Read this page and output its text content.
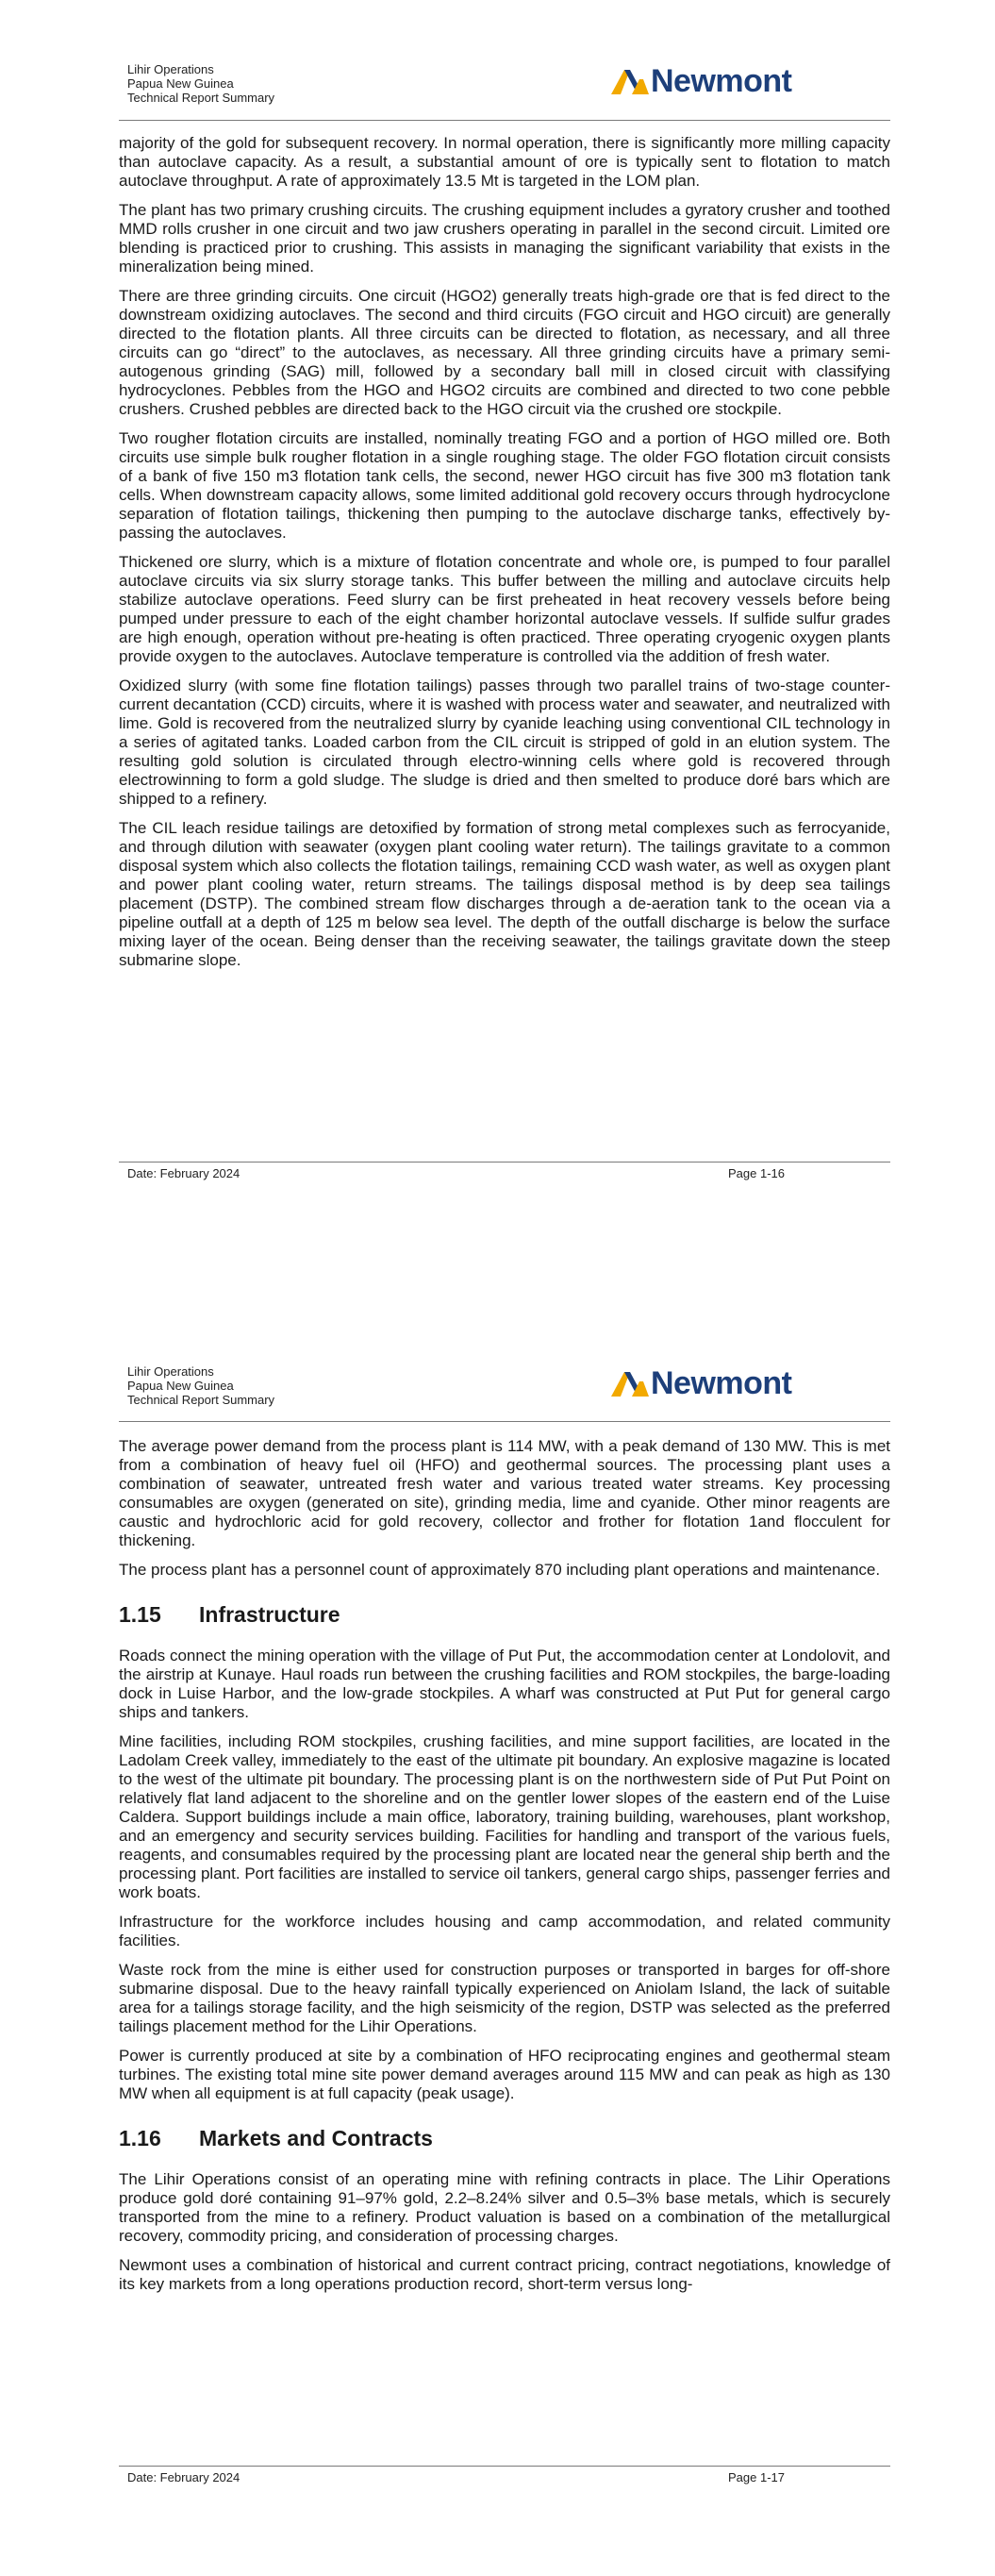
Lihir Operations
Papua New Guinea
Technical Report Summary	Newmont

majority of the gold for subsequent recovery. In normal operation, there is significantly more milling capacity than autoclave capacity. As a result, a substantial amount of ore is typically sent to flotation to match autoclave throughput. A rate of approximately 13.5 Mt is targeted in the LOM plan.

The plant has two primary crushing circuits. The crushing equipment includes a gyratory crusher and toothed MMD rolls crusher in one circuit and two jaw crushers operating in parallel in the second circuit. Limited ore blending is practiced prior to crushing. This assists in managing the significant variability that exists in the mineralization being mined.

There are three grinding circuits. One circuit (HGO2) generally treats high-grade ore that is fed direct to the downstream oxidizing autoclaves. The second and third circuits (FGO circuit and HGO circuit) are generally directed to the flotation plants. All three circuits can be directed to flotation, as necessary, and all three circuits can go “direct” to the autoclaves, as necessary. All three grinding circuits have a primary semi-autogenous grinding (SAG) mill, followed by a secondary ball mill in closed circuit with classifying hydrocyclones. Pebbles from the HGO and HGO2 circuits are combined and directed to two cone pebble crushers. Crushed pebbles are directed back to the HGO circuit via the crushed ore stockpile.

Two rougher flotation circuits are installed, nominally treating FGO and a portion of HGO milled ore. Both circuits use simple bulk rougher flotation in a single roughing stage. The older FGO flotation circuit consists of a bank of five 150 m3 flotation tank cells, the second, newer HGO circuit has five 300 m3 flotation tank cells. When downstream capacity allows, some limited additional gold recovery occurs through hydrocyclone separation of flotation tailings, thickening then pumping to the autoclave discharge tanks, effectively by-passing the autoclaves.

Thickened ore slurry, which is a mixture of flotation concentrate and whole ore, is pumped to four parallel autoclave circuits via six slurry storage tanks. This buffer between the milling and autoclave circuits help stabilize autoclave operations. Feed slurry can be first preheated in heat recovery vessels before being pumped under pressure to each of the eight chamber horizontal autoclave vessels. If sulfide sulfur grades are high enough, operation without pre-heating is often practiced. Three operating cryogenic oxygen plants provide oxygen to the autoclaves. Autoclave temperature is controlled via the addition of fresh water.

Oxidized slurry (with some fine flotation tailings) passes through two parallel trains of two-stage counter-current decantation (CCD) circuits, where it is washed with process water and seawater, and neutralized with lime. Gold is recovered from the neutralized slurry by cyanide leaching using conventional CIL technology in a series of agitated tanks. Loaded carbon from the CIL circuit is stripped of gold in an elution system. The resulting gold solution is circulated through electro-winning cells where gold is recovered through electrowinning to form a gold sludge. The sludge is dried and then smelted to produce doré bars which are shipped to a refinery.

The CIL leach residue tailings are detoxified by formation of strong metal complexes such as ferrocyanide, and through dilution with seawater (oxygen plant cooling water return). The tailings gravitate to a common disposal system which also collects the flotation tailings, remaining CCD wash water, as well as oxygen plant and power plant cooling water, return streams. The tailings disposal method is by deep sea tailings placement (DSTP). The combined stream flow discharges through a de-aeration tank to the ocean via a pipeline outfall at a depth of 125 m below sea level. The depth of the outfall discharge is below the surface mixing layer of the ocean. Being denser than the receiving seawater, the tailings gravitate down the steep submarine slope.

Date: February 2024	Page 1-16
Lihir Operations
Papua New Guinea
Technical Report Summary	Newmont

The average power demand from the process plant is 114 MW, with a peak demand of 130 MW. This is met from a combination of heavy fuel oil (HFO) and geothermal sources. The processing plant uses a combination of seawater, untreated fresh water and various treated water streams. Key processing consumables are oxygen (generated on site), grinding media, lime and cyanide. Other minor reagents are caustic and hydrochloric acid for gold recovery, collector and frother for flotation 1and flocculent for thickening.

The process plant has a personnel count of approximately 870 including plant operations and maintenance.

1.15 Infrastructure

Roads connect the mining operation with the village of Put Put, the accommodation center at Londolovit, and the airstrip at Kunaye. Haul roads run between the crushing facilities and ROM stockpiles, the barge-loading dock in Luise Harbor, and the low-grade stockpiles. A wharf was constructed at Put Put for general cargo ships and tankers.

Mine facilities, including ROM stockpiles, crushing facilities, and mine support facilities, are located in the Ladolam Creek valley, immediately to the east of the ultimate pit boundary. An explosive magazine is located to the west of the ultimate pit boundary. The processing plant is on the northwestern side of Put Put Point on relatively flat land adjacent to the shoreline and on the gentler lower slopes of the eastern end of the Luise Caldera. Support buildings include a main office, laboratory, training building, warehouses, plant workshop, and an emergency and security services building. Facilities for handling and transport of the various fuels, reagents, and consumables required by the processing plant are located near the general ship berth and the processing plant. Port facilities are installed to service oil tankers, general cargo ships, passenger ferries and work boats.

Infrastructure for the workforce includes housing and camp accommodation, and related community facilities.

Waste rock from the mine is either used for construction purposes or transported in barges for off-shore submarine disposal. Due to the heavy rainfall typically experienced on Aniolam Island, the lack of suitable area for a tailings storage facility, and the high seismicity of the region, DSTP was selected as the preferred tailings placement method for the Lihir Operations.

Power is currently produced at site by a combination of HFO reciprocating engines and geothermal steam turbines. The existing total mine site power demand averages around 115 MW and can peak as high as 130 MW when all equipment is at full capacity (peak usage).

1.16 Markets and Contracts

The Lihir Operations consist of an operating mine with refining contracts in place. The Lihir Operations produce gold doré containing 91–97% gold, 2.2–8.24% silver and 0.5–3% base metals, which is securely transported from the mine to a refinery. Product valuation is based on a combination of the metallurgical recovery, commodity pricing, and consideration of processing charges.

Newmont uses a combination of historical and current contract pricing, contract negotiations, knowledge of its key markets from a long operations production record, short-term versus long-

Date: February 2024	Page 1-17
